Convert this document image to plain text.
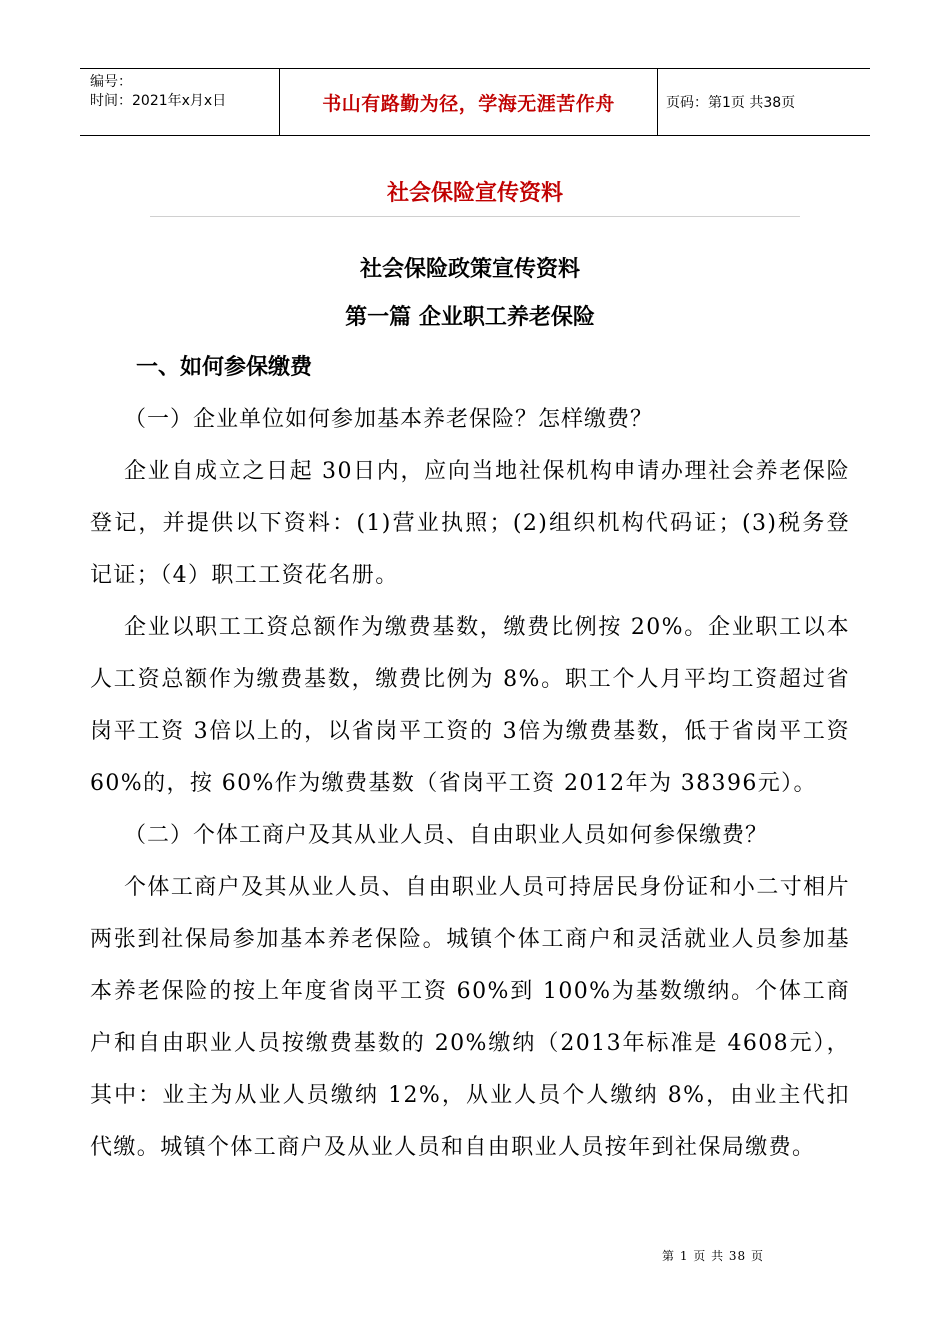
编号：
时间：2021年x月x日	书山有路勤为径，学海无涯苦作舟	页码：第1页 共38页
社会保险宣传资料
社会保险政策宣传资料
第一篇 企业职工养老保险
一、如何参保缴费

（一）企业单位如何参加基本养老保险？怎样缴费？

企业自成立之日起 30日内，应向当地社保机构申请办理社会养老保险登记，并提供以下资料：(1)营业执照；(2)组织机构代码证；(3)税务登记证；（4）职工工资花名册。

企业以职工工资总额作为缴费基数，缴费比例按 20%。企业职工以本人工资总额作为缴费基数，缴费比例为 8%。职工个人月平均工资超过省岗平工资 3倍以上的，以省岗平工资的 3倍为缴费基数，低于省岗平工资 60%的，按 60%作为缴费基数（省岗平工资 2012年为 38396元）。

（二）个体工商户及其从业人员、自由职业人员如何参保缴费？

个体工商户及其从业人员、自由职业人员可持居民身份证和小二寸相片两张到社保局参加基本养老保险。城镇个体工商户和灵活就业人员参加基本养老保险的按上年度省岗平工资 60%到 100%为基数缴纳。个体工商户和自由职业人员按缴费基数的 20%缴纳（2013年标准是 4608元），其中：业主为从业人员缴纳 12%，从业人员个人缴纳 8%，由业主代扣代缴。城镇个体工商户及从业人员和自由职业人员按年到社保局缴费。

第 1 页 共 38 页
